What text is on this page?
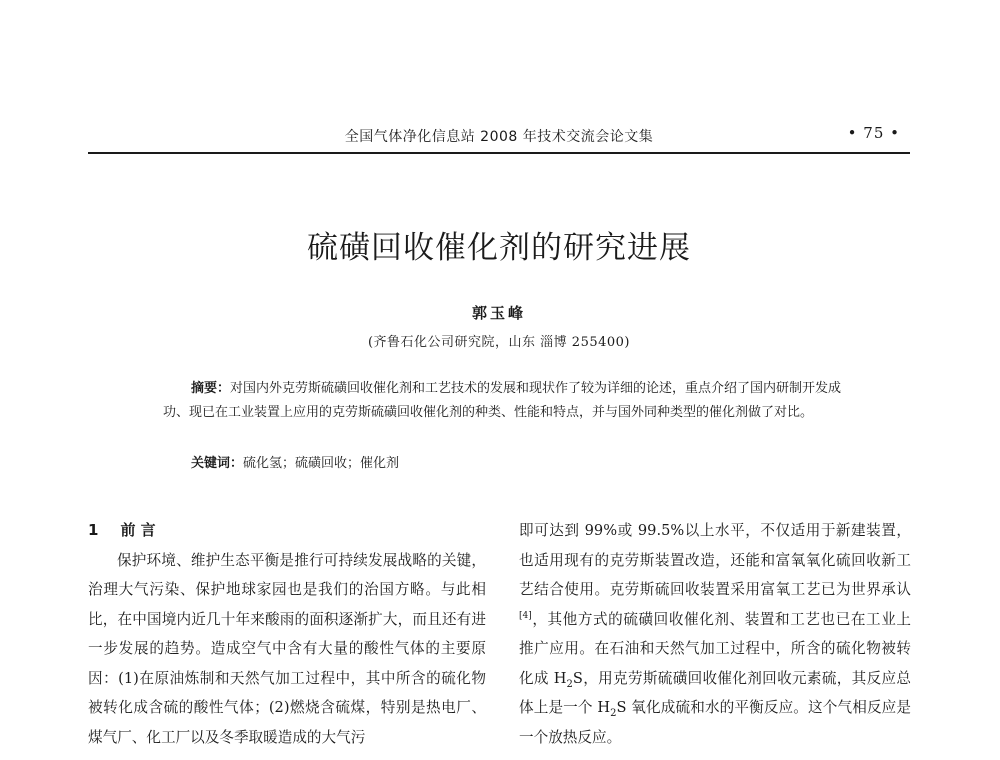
全国气体净化信息站 2008 年技术交流会论文集	• 75 •
硫磺回收催化剂的研究进展
郭玉峰
(齐鲁石化公司研究院，山东 淄博 255400)
摘要：对国内外克劳斯硫磺回收催化剂和工艺技术的发展和现状作了较为详细的论述，重点介绍了国内研制开发成功、现已在工业装置上应用的克劳斯硫磺回收催化剂的种类、性能和特点，并与国外同种类型的催化剂做了对比。
关键词：硫化氢；硫磺回收；催化剂
1 前 言

保护环境、维护生态平衡是推行可持续发展战略的关键，治理大气污染、保护地球家园也是我们的治国方略。与此相比，在中国境内近几十年来酸雨的面积逐渐扩大，而且还有进一步发展的趋势。造成空气中含有大量的酸性气体的主要原因：(1)在原油炼制和天然气加工过程中，其中所含的硫化物被转化成含硫的酸性气体；(2)燃烧含硫煤，特别是热电厂、煤气厂、化工厂以及冬季取暖造成的大气污

即可达到 99%或 99.5%以上水平，不仅适用于新建装置，也适用现有的克劳斯装置改造，还能和富氧氧化硫回收新工艺结合使用。克劳斯硫回收装置采用富氧工艺已为世界承认[4]，其他方式的硫磺回收催化剂、装置和工艺也已在工业上推广应用。在石油和天然气加工过程中，所含的硫化物被转化成 $H_2S$，用克劳斯硫磺回收催化剂回收元素硫，其反应总体上是一个 $H_2S$ 氧化成硫和水的平衡反应。这个气相反应是一个放热反应。
